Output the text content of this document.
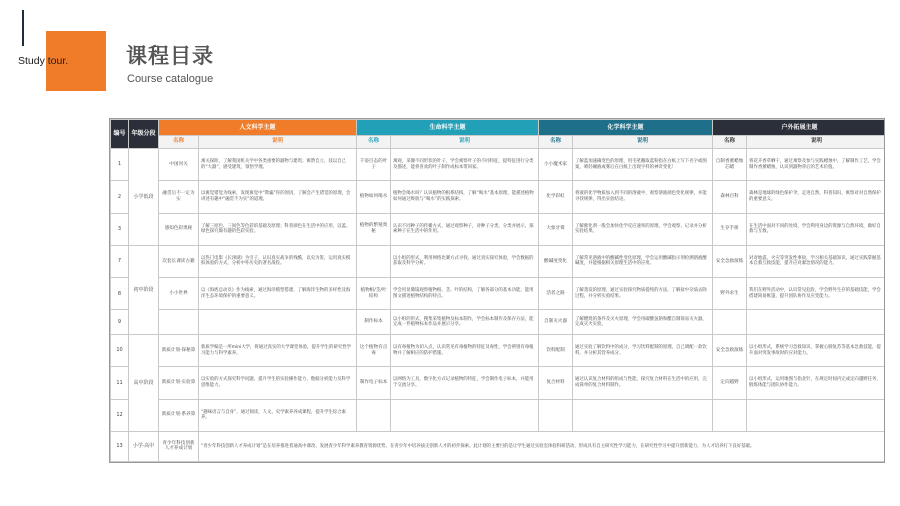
Study tour.	课程目录
Course catalogue
编号	年级分段	人文科学主题		生命科学主题		化学科学主题		户外拓展主题	
		名称	说明	名称	说明	名称	说明	名称	说明
1	小学低段	中国河关	寓关探险，了解我国机关学中各类重要的器物与建筑；寓赞自立，技以自己的“大器”，感受建筑，领悟学理。	千姿百态的叶子	寓观，采撷不同形状的叶子，学会寓察叶子的不同特征，提特征进行分类及描述，能将喜欢的叶子制作成标本带回家。	小小魔术家	了解蓝加速确变色的原理，用毛笔蘸取蓝粉指在白纸上写下名字或图案，喷轻碾液或雾后在白纸上出现字样的神奇变化！	自制香薰蜡烛芯蜡	将花卉香草晒干，通过寓察及参与实践蜡烛中，了解制作工艺，学会制作香薰蜡烛，认识到器物背后的艺术价值。
2		融贯后不一定为实	以寓觉错觉为线索，发现寓觉中“欺骗”你的原因，了解会产生错觉的原理，会讲述有趣中“融贯不为实”的道理。	植物如何喝水	植物会喝水吗？认识植物的根系结构，了解“喝水”基本原理，能描述植物如何通过吸收与“喝水”的实践探索。	化学彩虹	将液的化学物质加入到不同的溶液中，观察溶液颜色变化规律，并能寻找规律，得出实验结论。	森林百科	森林是地球的绿色保护伞，走进自然，科普知识，寓察对对自然保护的重要意义。
3		感知色彩奥秘	了解三原色、三间色等色彩的基础及原理；科普颜色在生活中的应用，以蓝、绿色探究做有趣的色彩实验。	植物的繁殖奥秘	认识不同种子的传播方式，通过观察种子，对种子分类，分类并展示，探索种子在生活中的作用。	大象牙膏	了解催化剂一般会加快化学反应速率的原理，学会观察、记录并分析实验结果。	生存手册	在生活中面对不同的处境，学会利用身边的资源与自然环境，做好自救与互救。
7	初中阶段	次套长课读古籍	以热门电影《长津湖》为引子，认识真实战争的残酷，以史为鉴，运用真实模拟体验的方式，分析中外历史的著名战役。		以小组的形式，利用网络比赛方式寻找，通过真实探究体验，学会数据的获取及科学分析。	酸碱度变化	了解常见溶液中的酸碱性变化原理，学会运用酸碱指示剂检测溶液酸碱度，并能根据相关原理生活中的应用。	安全急救演练	对对地震、火灾等突发性事故，学习相关基础知识，通过实践掌握基本自救互救技能，提升应对紧急情况的能力。
8		小小世界	以《海底总动员》作为线索，通过海洋模型搭建，了解海洋生物的多样性及海洋生态环境保护的重要意义。	植物根/茎/叶结构	学会用显微镜观察植物根、茎、叶的结构，了解各部分的基本功能，能用图文描述植物结构的特点。	活者之路	了解蒸发的原理，通过实验探究物质提纯的方法，了解盐中杂质去除过程，并分析实验结果。	野外求生	我们在野外活动中，认识常见危险，学会野外生存的基础技能，学会搭建简易帐篷，提升团队协作及应变能力。
9				制作标本	以小组的形式，搜集采集植物及标本制作，学会标本制作及保存方法，能完成一件植物标本作品并展示分享。	自制灭火器	了解燃烧的条件及灭火原理，学会用碳酸氢钠和醋自制简易灭火器，完成灭火实验。		
10	高中阶段	新质计划·探秘算	新质学编是一所mini大学，将通过真实的大学课堂体验，提升学生的研究性学习能力与科学素养。	这个植物有点毒	以有毒植物为切入点，认识常见有毒植物的特征及毒性，学会辨别有毒植物并了解相应的防护措施。	饮料配制	通过实验了解饮料中的成分，学习饮料配制的原理，自己调配一款饮料，并分析其营养成分。	安全急救演练	以小组形式，系统学习急救知识，掌握心肺复苏等基本急救技能，提升面对突发事故时的应对能力。
11		新质计划·实验算	以实验的方式探究科学问题，提升学生的实验操作能力、数据分析能力及科学思维能力。	制作电子标本	以网络为工具，数字化方式记录植物的特征，学会制作电子标本，并能用于交流分享。	复合材料	通过认识复合材料的组成与性能，探究复合材料在生活中的应用，完成简单的复合材料制作。	定向越野	以小组形式，运用地图与指北针，在规定时间内完成定向越野任务，锻炼体能与团队协作能力。
12		新质计划·系养算	“趣味语言与自身”，通过阅读，人文、史学素养养成课程，提升学生综合素养。						
13	小学·高中	青少年科技创新人才养成计划	“青少年科技创新人才养成计划”是在培养推进普通高中课改、发展青少年科学素养教育资源优势，在青少年中培养拔尖创新人才的初步探索。此计划的主要目的是让学生通过实验室体验科研活动，形成具有自主研究性学习能力，在研究性学习中提升创新能力，为人才培养打下良好基础。						
